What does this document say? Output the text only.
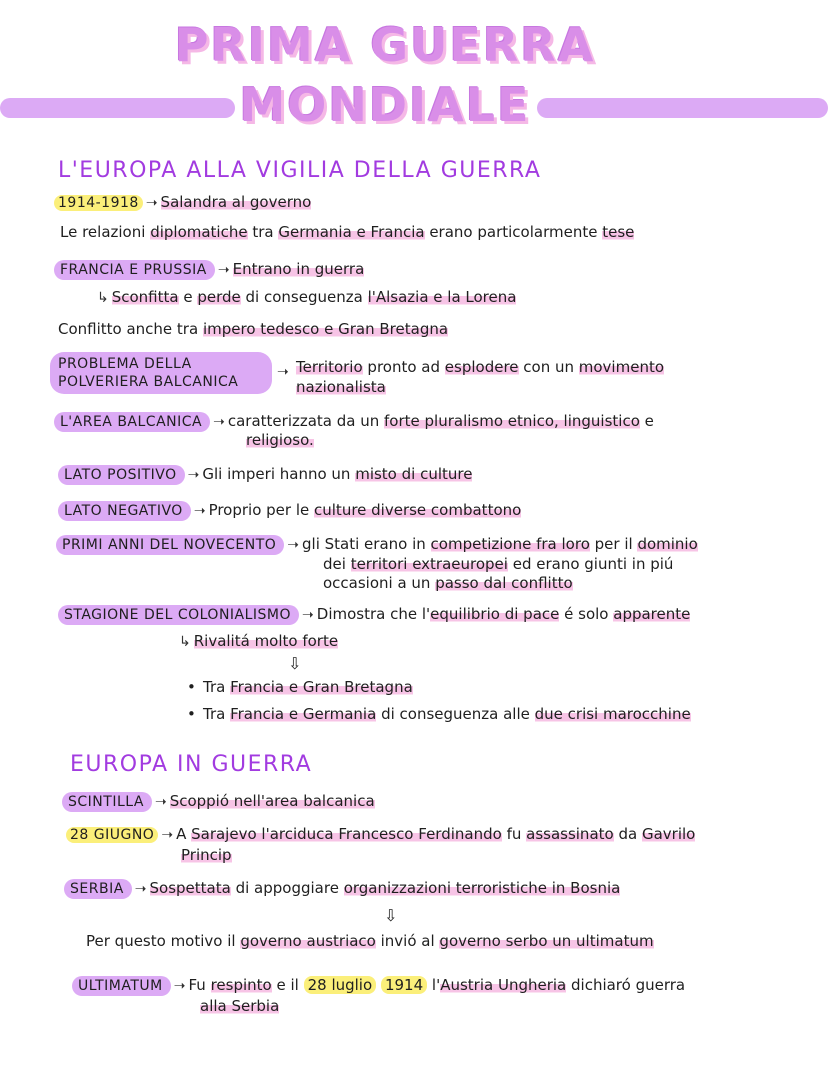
PRIMA GUERRA
MONDIALE
L'EUROPA ALLA VIGILIA DELLA GUERRA
1914-1918 ➝ Salandra al governo
Le relazioni diplomatiche tra Germania e Francia erano particolarmente tese
FRANCIA E PRUSSIA ➝ Entrano in guerra
↳ Sconfitta e perde di conseguenza l'Alsazia e la Lorena
Conflitto anche tra impero tedesco e Gran Bretagna
PROBLEMA DELLA
POLVERIERA BALCANICA
➝ Territorio pronto ad esplodere con un movimento
nazionalista
L'AREA BALCANICA ➝ caratterizzata da un forte pluralismo etnico, linguistico e
religioso.
LATO POSITIVO ➝ Gli imperi hanno un misto di culture
LATO NEGATIVO ➝ Proprio per le culture diverse combattono
PRIMI ANNI DEL NOVECENTO ➝ gli Stati erano in competizione fra loro per il dominio
dei territori extraeuropei ed erano giunti in piú
occasioni a un passo dal conflitto
STAGIONE DEL COLONIALISMO ➝ Dimostra che l'equilibrio di pace é solo apparente
↳ Rivalitá molto forte
⇩
• Tra Francia e Gran Bretagna
• Tra Francia e Germania di conseguenza alle due crisi marocchine
EUROPA IN GUERRA
SCINTILLA ➝ Scoppió nell'area balcanica
28 GIUGNO ➝ A Sarajevo l'arciduca Francesco Ferdinando fu assassinato da Gavrilo
Princip
SERBIA ➝ Sospettata di appoggiare organizzazioni terroristiche in Bosnia
⇩
Per questo motivo il governo austriaco invió al governo serbo un ultimatum
ULTIMATUM ➝ Fu respinto e il 28 luglio 1914 l'Austria Ungheria dichiaró guerra
alla Serbia
